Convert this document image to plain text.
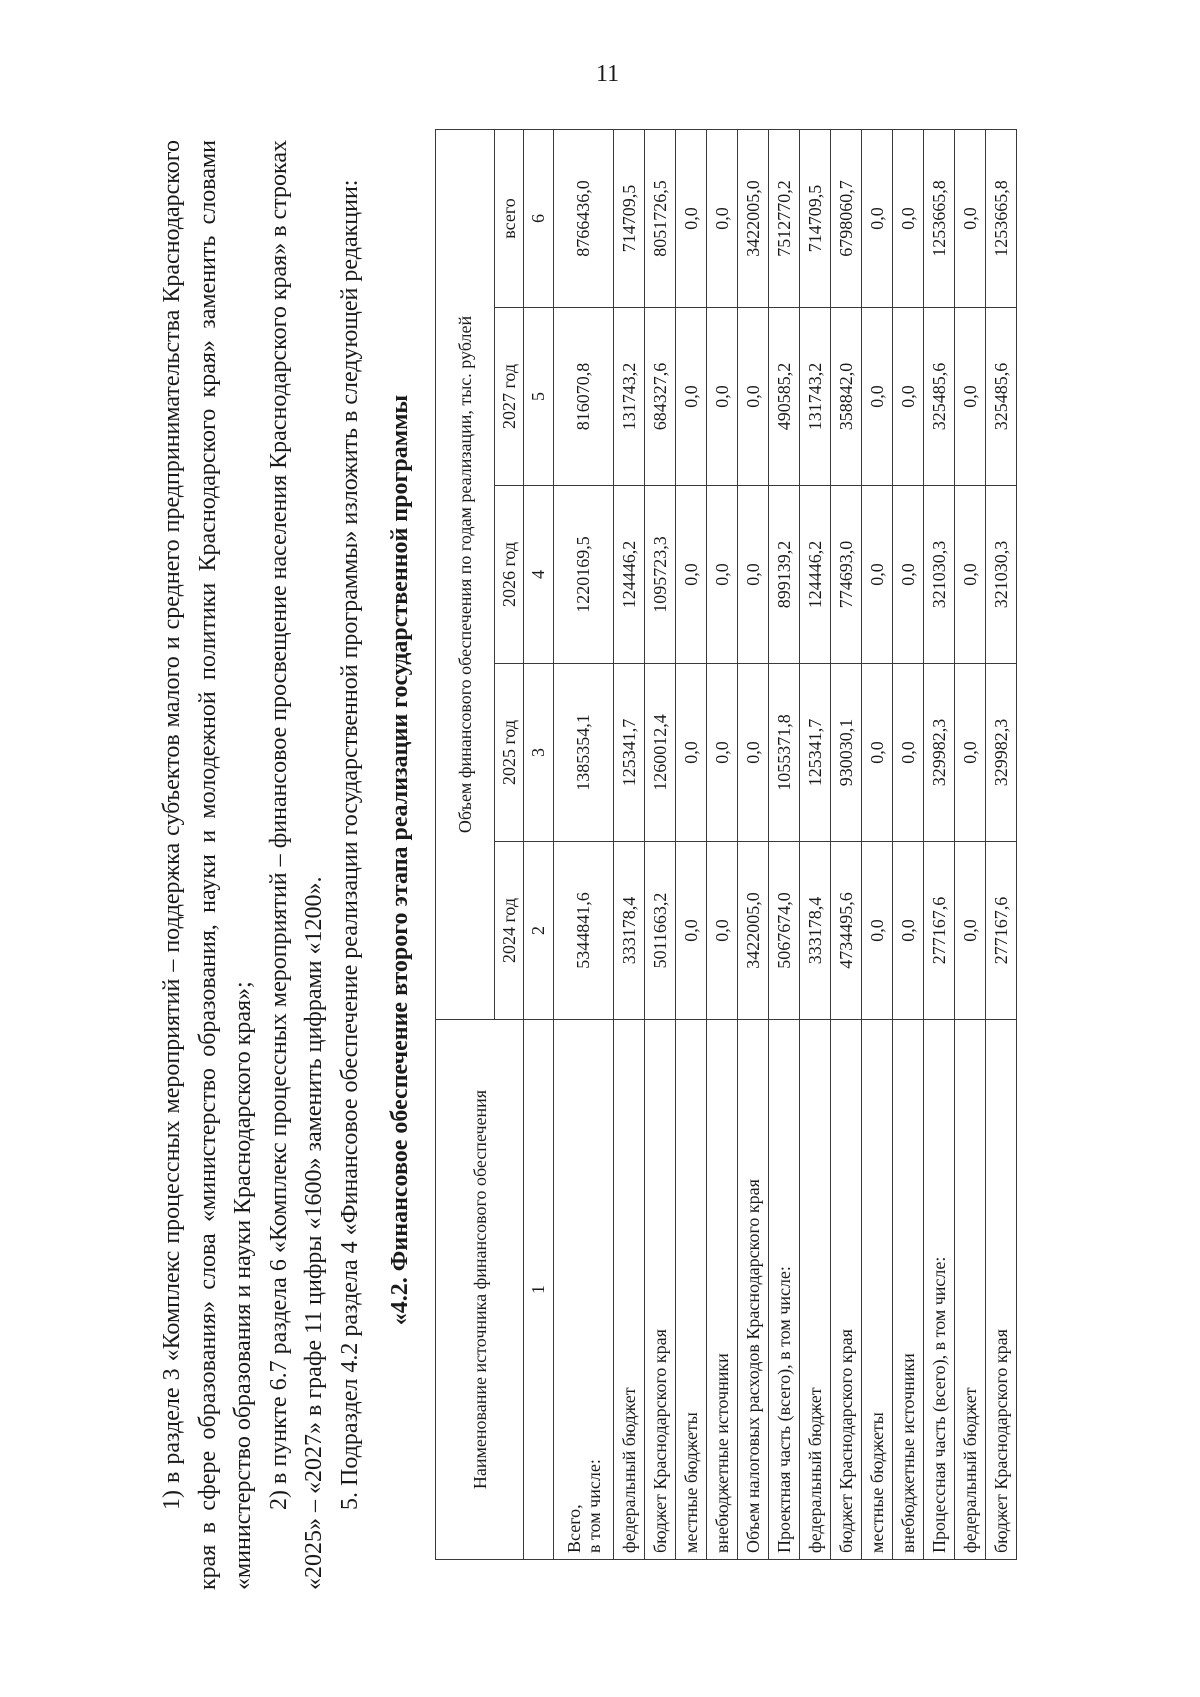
11

1) в разделе 3 «Комплекс процессных мероприятий – поддержка субъектов малого и среднего предпринимательства Краснодарского края в сфере образования» слова «министерство образования, науки и молодежной политики Краснодарского края» заменить словами «министерство образования и науки Краснодарского края»; 2) в пункте 6.7 раздела 6 «Комплекс процессных мероприятий – финансовое просвещение населения Краснодарского края» в строках «2025» – «2027» в графе 11 цифры «1600» заменить цифрами «1200». 5. Подраздел 4.2 раздела 4 «Финансовое обеспечение реализации государственной программы» изложить в следующей редакции: «4.2. Финансовое обеспечение второго этапа реализации государственной программы	Наименование источника финансового обеспечения	Объем финансового обеспечения по годам реализации, тыс. рублей				
	2024 год	2025 год	2026 год	2027 год	всего
1	2	3	4	5	6

Всего, в том числе:	5344841,6	1385354,1	1220169,5	816070,8	8766436,0

федеральный бюджет	333178,4	125341,7	124446,2	131743,2	714709,5

бюджет Краснодарского края	5011663,2	1260012,4	1095723,3	684327,6	8051726,5

местные бюджеты	0,0	0,0	0,0	0,0	0,0

внебюджетные источники	0,0	0,0	0,0	0,0	0,0

Объем налоговых расходов Краснодарского края	3422005,0	0,0	0,0	0,0	3422005,0

Проектная часть (всего), в том числе:	5067674,0	1055371,8	899139,2	490585,2	7512770,2

федеральный бюджет	333178,4	125341,7	124446,2	131743,2	714709,5

бюджет Краснодарского края	4734495,6	930030,1	774693,0	358842,0	6798060,7

местные бюджеты	0,0	0,0	0,0	0,0	0,0

внебюджетные источники	0,0	0,0	0,0	0,0	0,0

Процессная часть (всего), в том числе:	277167,6	329982,3	321030,3	325485,6	1253665,8

федеральный бюджет	0,0	0,0	0,0	0,0	0,0

бюджет Краснодарского края	277167,6	329982,3	321030,3	325485,6	1253665,8
